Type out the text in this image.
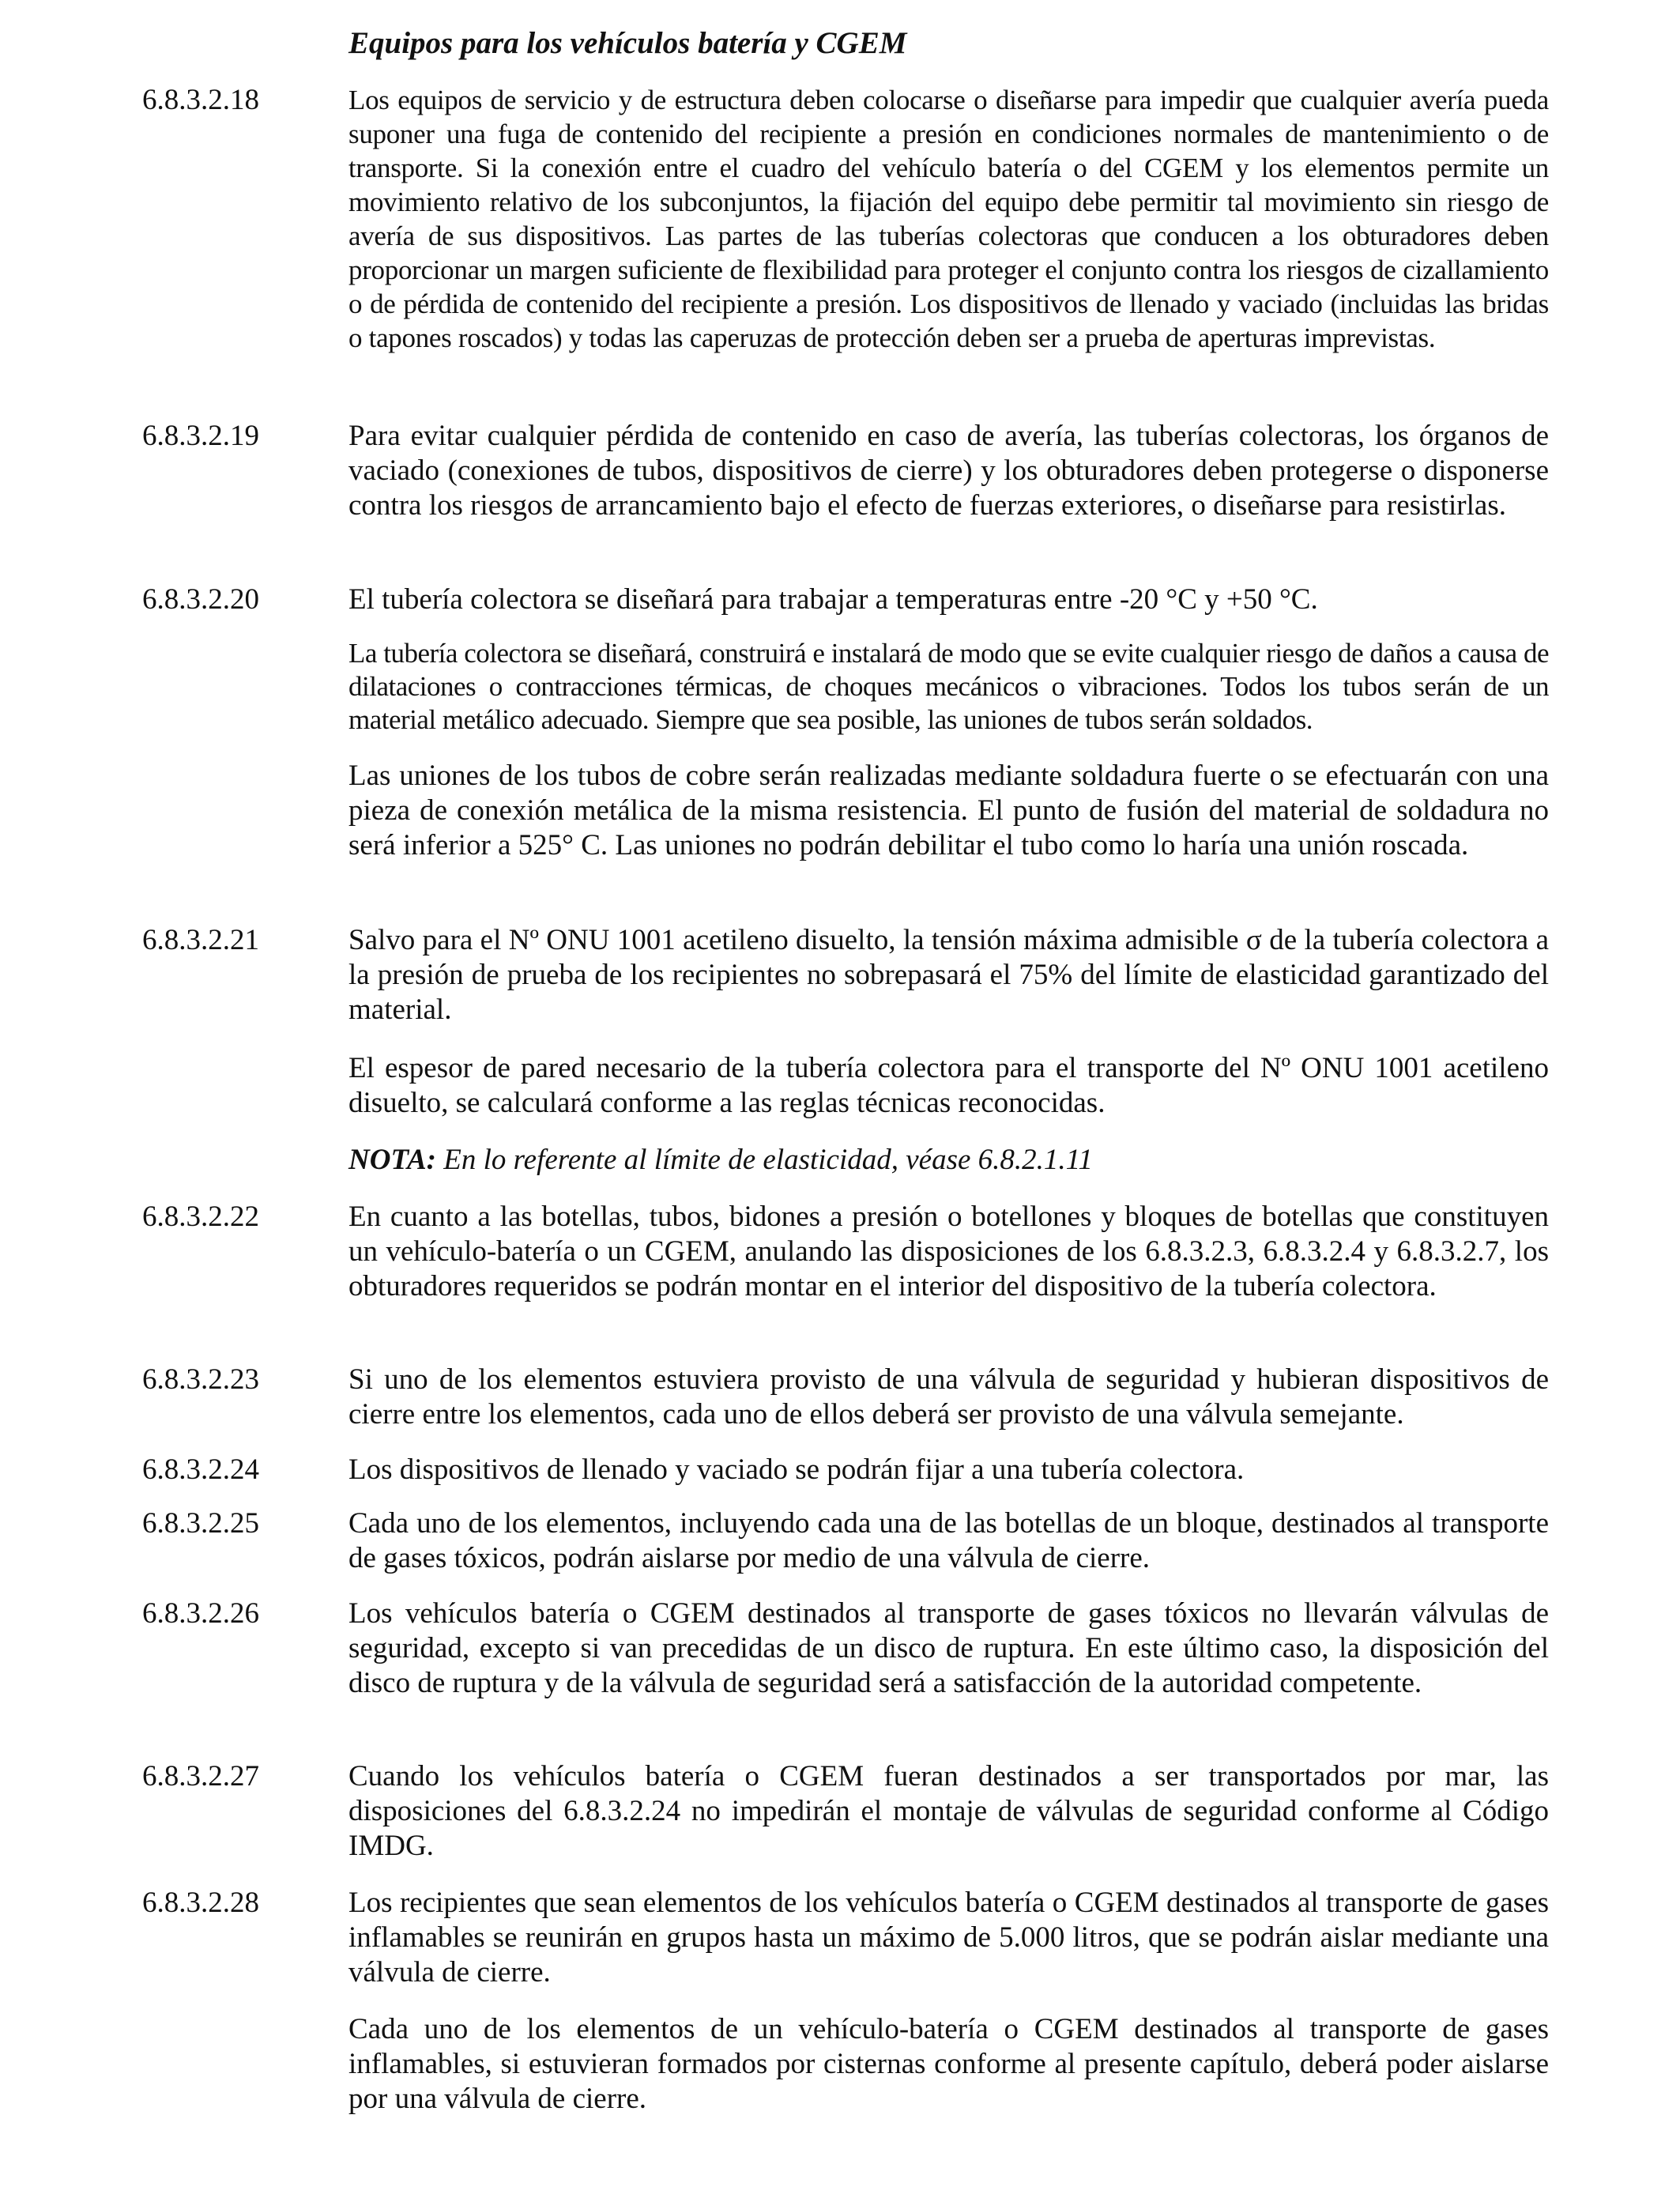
Equipos para los vehículos batería y CGEM
6.8.3.2.18	Los equipos de servicio y de estructura deben colocarse o diseñarse para impedir que cualquier avería pueda suponer una fuga de contenido del recipiente a presión en condiciones normales de mantenimiento o de transporte. Si la conexión entre el cuadro del vehículo batería o del CGEM y los elementos permite un movimiento relativo de los subconjuntos, la fijación del equipo debe permitir tal movimiento sin riesgo de avería de sus dispositivos. Las partes de las tuberías colectoras que conducen a los obturadores deben proporcionar un margen suficiente de flexibilidad para proteger el conjunto contra los riesgos de cizallamiento o de pérdida de contenido del recipiente a presión. Los dispositivos de llenado y vaciado (incluidas las bridas o tapones roscados) y todas las caperuzas de protección deben ser a prueba de aperturas imprevistas.
6.8.3.2.19	Para evitar cualquier pérdida de contenido en caso de avería, las tuberías colectoras, los órganos de vaciado (conexiones de tubos, dispositivos de cierre) y los obturadores deben protegerse o disponerse contra los riesgos de arrancamiento bajo el efecto de fuerzas exteriores, o diseñarse para resistirlas.
6.8.3.2.20	El tubería colectora se diseñará para trabajar a temperaturas entre -20 °C y +50 °C.
La tubería colectora se diseñará, construirá e instalará de modo que se evite cualquier riesgo de daños a causa de dilataciones o contracciones térmicas, de choques mecánicos o vibraciones. Todos los tubos serán de un material metálico adecuado. Siempre que sea posible, las uniones de tubos serán soldados.
Las uniones de los tubos de cobre serán realizadas mediante soldadura fuerte o se efectuarán con una pieza de conexión metálica de la misma resistencia. El punto de fusión del material de soldadura no será inferior a 525° C. Las uniones no podrán debilitar el tubo como lo haría una unión roscada.
6.8.3.2.21	Salvo para el Nº ONU 1001 acetileno disuelto, la tensión máxima admisible σ de la tubería colectora a la presión de prueba de los recipientes no sobrepasará el 75% del límite de elasticidad garantizado del material.
El espesor de pared necesario de la tubería colectora para el transporte del Nº ONU 1001 acetileno disuelto, se calculará conforme a las reglas técnicas reconocidas.
NOTA: En lo referente al límite de elasticidad, véase 6.8.2.1.11
6.8.3.2.22	En cuanto a las botellas, tubos, bidones a presión o botellones y bloques de botellas que constituyen un vehículo-batería o un CGEM, anulando las disposiciones de los 6.8.3.2.3, 6.8.3.2.4 y 6.8.3.2.7, los obturadores requeridos se podrán montar en el interior del dispositivo de la tubería colectora.
6.8.3.2.23	Si uno de los elementos estuviera provisto de una válvula de seguridad y hubieran dispositivos de cierre entre los elementos, cada uno de ellos deberá ser provisto de una válvula semejante.
6.8.3.2.24	Los dispositivos de llenado y vaciado se podrán fijar a una tubería colectora.
6.8.3.2.25	Cada uno de los elementos, incluyendo cada una de las botellas de un bloque, destinados al transporte de gases tóxicos, podrán aislarse por medio de una válvula de cierre.
6.8.3.2.26	Los vehículos batería o CGEM destinados al transporte de gases tóxicos no llevarán válvulas de seguridad, excepto si van precedidas de un disco de ruptura. En este último caso, la disposición del disco de ruptura y de la válvula de seguridad será a satisfacción de la autoridad competente.
6.8.3.2.27	Cuando los vehículos batería o CGEM fueran destinados a ser transportados por mar, las disposiciones del 6.8.3.2.24 no impedirán el montaje de válvulas de seguridad conforme al Código IMDG.
6.8.3.2.28	Los recipientes que sean elementos de los vehículos batería o CGEM destinados al transporte de gases inflamables se reunirán en grupos hasta un máximo de 5.000 litros, que se podrán aislar mediante una válvula de cierre.
Cada uno de los elementos de un vehículo-batería o CGEM destinados al transporte de gases inflamables, si estuvieran formados por cisternas conforme al presente capítulo, deberá poder aislarse por una válvula de cierre.
